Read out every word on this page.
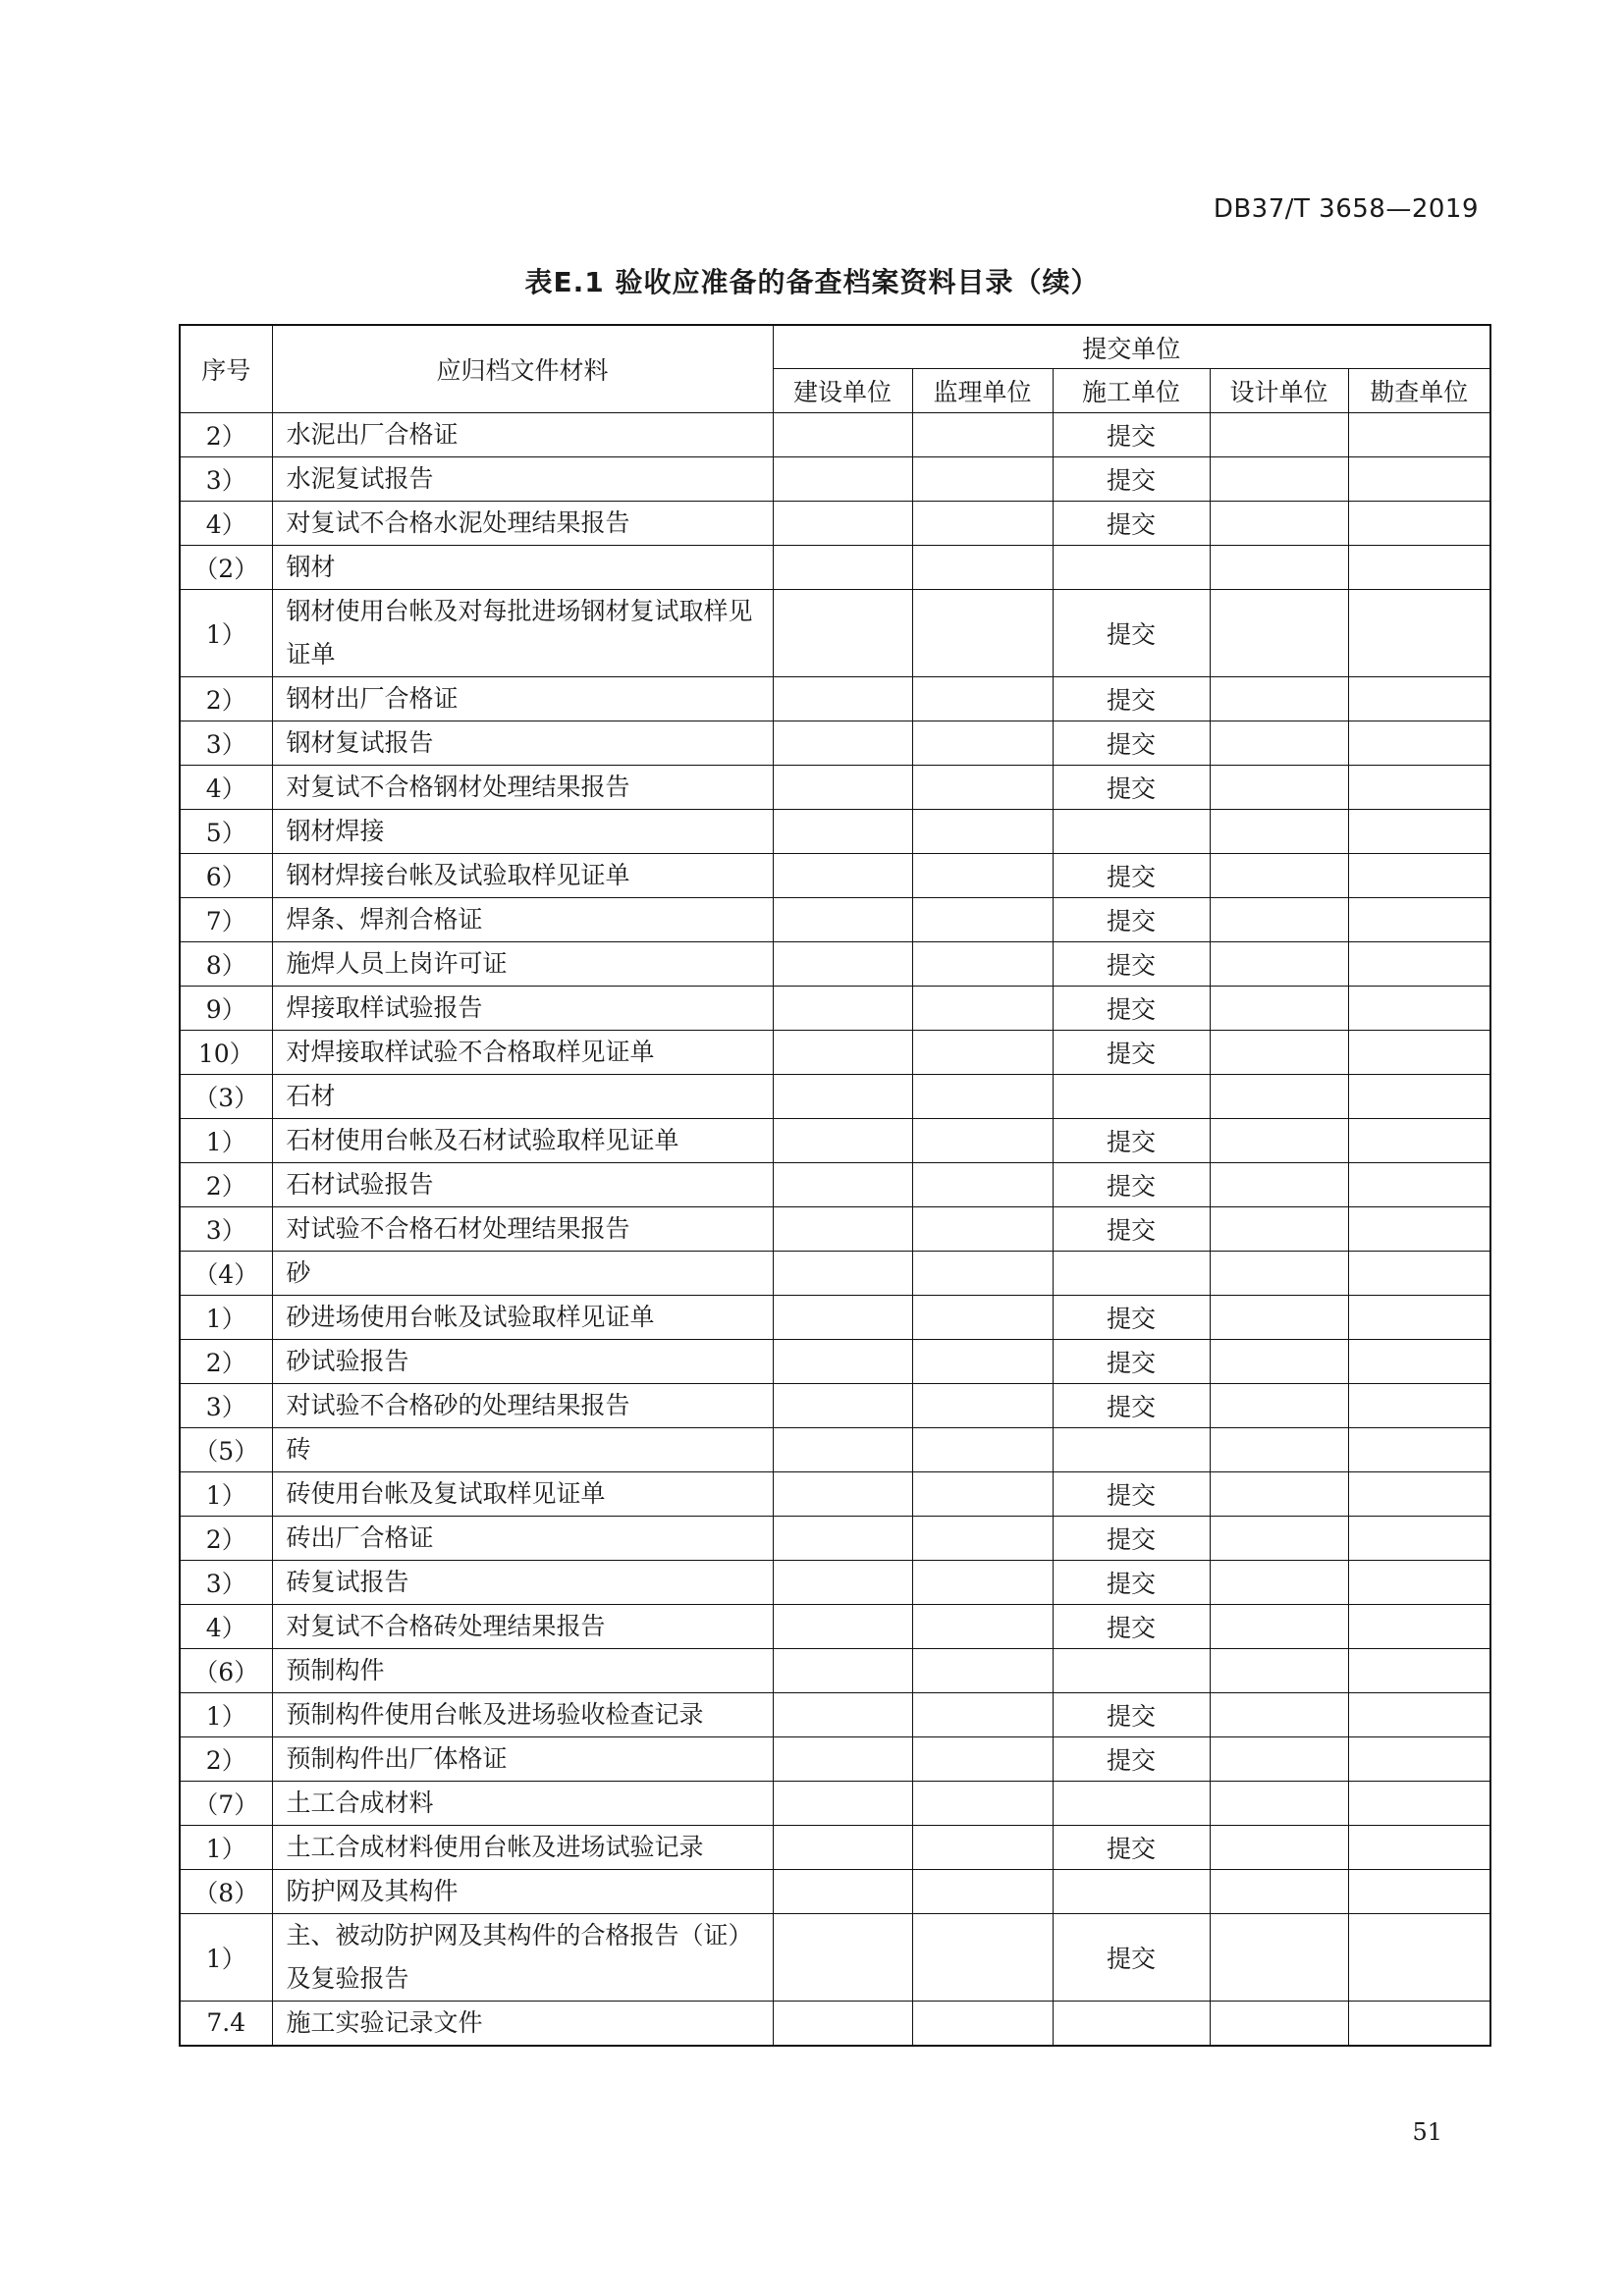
DB37/T 3658—2019
表E.1 验收应准备的备查档案资料目录（续）
序号	应归档文件材料	提交单位				
		建设单位	监理单位	施工单位	设计单位	勘查单位
2）	水泥出厂合格证			提交		
3）	水泥复试报告			提交		
4）	对复试不合格水泥处理结果报告			提交		
（2）	钢材					
1）	钢材使用台帐及对每批进场钢材复试取样见证单			提交		
2）	钢材出厂合格证			提交		
3）	钢材复试报告			提交		
4）	对复试不合格钢材处理结果报告			提交		
5）	钢材焊接					
6）	钢材焊接台帐及试验取样见证单			提交		
7）	焊条、焊剂合格证			提交		
8）	施焊人员上岗许可证			提交		
9）	焊接取样试验报告			提交		
10）	对焊接取样试验不合格取样见证单			提交		
（3）	石材					
1）	石材使用台帐及石材试验取样见证单			提交		
2）	石材试验报告			提交		
3）	对试验不合格石材处理结果报告			提交		
（4）	砂					
1）	砂进场使用台帐及试验取样见证单			提交		
2）	砂试验报告			提交		
3）	对试验不合格砂的处理结果报告			提交		
（5）	砖					
1）	砖使用台帐及复试取样见证单			提交		
2）	砖出厂合格证			提交		
3）	砖复试报告			提交		
4）	对复试不合格砖处理结果报告			提交		
（6）	预制构件					
1）	预制构件使用台帐及进场验收检查记录			提交		
2）	预制构件出厂体格证			提交		
（7）	土工合成材料					
1）	土工合成材料使用台帐及进场试验记录			提交		
（8）	防护网及其构件					
1）	主、被动防护网及其构件的合格报告（证）及复验报告			提交		
7.4	施工实验记录文件					
51
